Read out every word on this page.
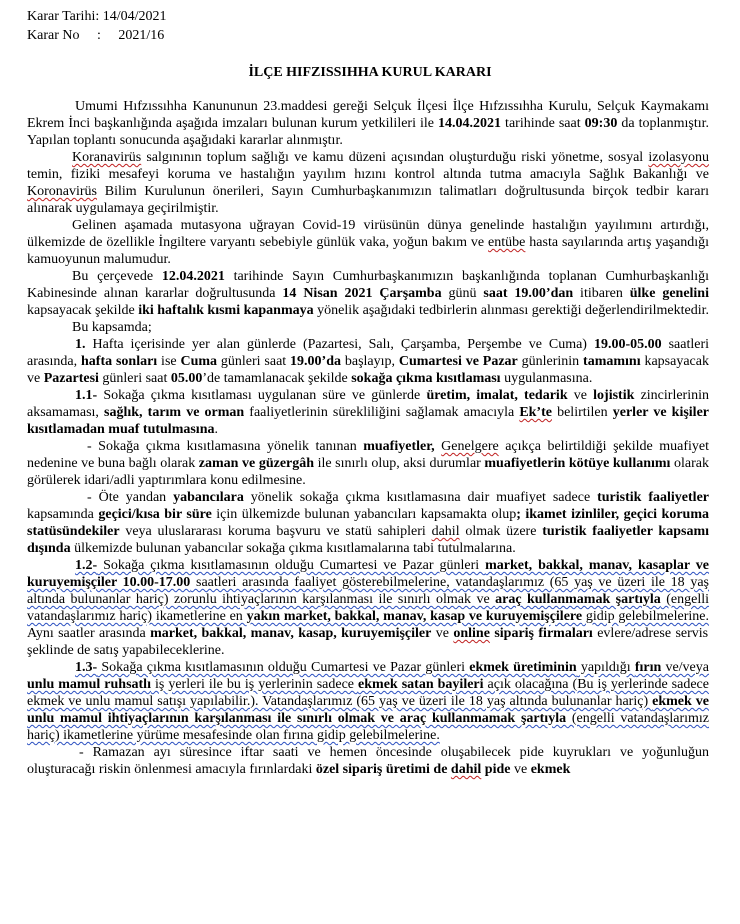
Karar Tarihi: 14/04/2021
Karar No     :     2021/16
İLÇE HIFZISSIHHA KURUL KARARI

Umumi Hıfzıssıhha Kanununun 23.maddesi gereği Selçuk İlçesi İlçe Hıfzıssıhha Kurulu, Selçuk Kaymakamı Ekrem İnci başkanlığında aşağıda imzaları bulunan kurum yetkilileri ile 14.04.2021 tarihinde saat 09:30 da toplanmıştır. Yapılan toplantı sonucunda aşağıdaki kararlar alınmıştır.

Koranavirüs salgınının toplum sağlığı ve kamu düzeni açısından oluşturduğu riski yönetme, sosyal izolasyonu temin, fiziki mesafeyi koruma ve hastalığın yayılım hızını kontrol altında tutma amacıyla Sağlık Bakanlığı ve Koronavirüs Bilim Kurulunun önerileri, Sayın Cumhurbaşkanımızın talimatları doğrultusunda birçok tedbir kararı alınarak uygulamaya geçirilmiştir.

Gelinen aşamada mutasyona uğrayan Covid-19 virüsünün dünya genelinde hastalığın yayılımını artırdığı, ülkemizde de özellikle İngiltere varyantı sebebiyle günlük vaka, yoğun bakım ve entübe hasta sayılarında artış yaşandığı kamuoyunun malumudur.

Bu çerçevede 12.04.2021 tarihinde Sayın Cumhurbaşkanımızın başkanlığında toplanan Cumhurbaşkanlığı Kabinesinde alınan kararlar doğrultusunda 14 Nisan 2021 Çarşamba günü saat 19.00’dan itibaren ülke genelini kapsayacak şekilde iki haftalık kısmi kapanmaya yönelik aşağıdaki tedbirlerin alınması gerektiği değerlendirilmektedir.

Bu kapsamda;

1. Hafta içerisinde yer alan günlerde (Pazartesi, Salı, Çarşamba, Perşembe ve Cuma) 19.00-05.00 saatleri arasında, hafta sonları ise Cuma günleri saat 19.00’da başlayıp, Cumartesi ve Pazar günlerinin tamamını kapsayacak ve Pazartesi günleri saat 05.00’de tamamlanacak şekilde sokağa çıkma kısıtlaması uygulanmasına.

1.1- Sokağa çıkma kısıtlaması uygulanan süre ve günlerde üretim, imalat, tedarik ve lojistik zincirlerinin aksamaması, sağlık, tarım ve orman faaliyetlerinin sürekliliğini sağlamak amacıyla Ek’te belirtilen yerler ve kişiler kısıtlamadan muaf tutulmasına.

- Sokağa çıkma kısıtlamasına yönelik tanınan muafiyetler, Genelgere açıkça belirtildiği şekilde muafiyet nedenine ve buna bağlı olarak zaman ve güzergâh ile sınırlı olup, aksi durumlar muafiyetlerin kötüye kullanımı olarak görülerek idari/adli yaptırımlara konu edilmesine.

- Öte yandan yabancılara yönelik sokağa çıkma kısıtlamasına dair muafiyet sadece turistik faaliyetler kapsamında geçici/kısa bir süre için ülkemizde bulunan yabancıları kapsamakta olup; ikamet izinliler, geçici koruma statüsündekiler veya uluslararası koruma başvuru ve statü sahipleri dahil olmak üzere turistik faaliyetler kapsamı dışında ülkemizde bulunan yabancılar sokağa çıkma kısıtlamalarına tabi tutulmalarına.

1.2- Sokağa çıkma kısıtlamasının olduğu Cumartesi ve Pazar günleri market, bakkal, manav, kasaplar ve kuruyemişçiler 10.00-17.00 saatleri arasında faaliyet gösterebilmelerine, vatandaşlarımız (65 yaş ve üzeri ile 18 yaş altında bulunanlar hariç) zorunlu ihtiyaçlarının karşılanması ile sınırlı olmak ve araç kullanmamak şartıyla (engelli vatandaşlarımız hariç) ikametlerine en yakın market, bakkal, manav, kasap ve kuruyemişçilere gidip gelebilmelerine. Aynı saatler arasında market, bakkal, manav, kasap, kuruyemişçiler ve online sipariş firmaları evlere/adrese servis şeklinde de satış yapabileceklerine.

1.3- Sokağa çıkma kısıtlamasının olduğu Cumartesi ve Pazar günleri ekmek üretiminin yapıldığı fırın ve/veya unlu mamul ruhsatlı iş yerleri ile bu iş yerlerinin sadece ekmek satan bayileri açık olacağına (Bu iş yerlerinde sadece ekmek ve unlu mamul satışı yapılabilir.). Vatandaşlarımız (65 yaş ve üzeri ile 18 yaş altında bulunanlar hariç) ekmek ve unlu mamul ihtiyaçlarının karşılanması ile sınırlı olmak ve araç kullanmamak şartıyla (engelli vatandaşlarımız hariç) ikametlerine yürüme mesafesinde olan fırına gidip gelebilmelerine.

- Ramazan ayı süresince iftar saati ve hemen öncesinde oluşabilecek pide kuyrukları ve yoğunluğun oluşturacağı riskin önlenmesi amacıyla fırınlardaki özel sipariş üretimi de dahil pide ve ekmek
